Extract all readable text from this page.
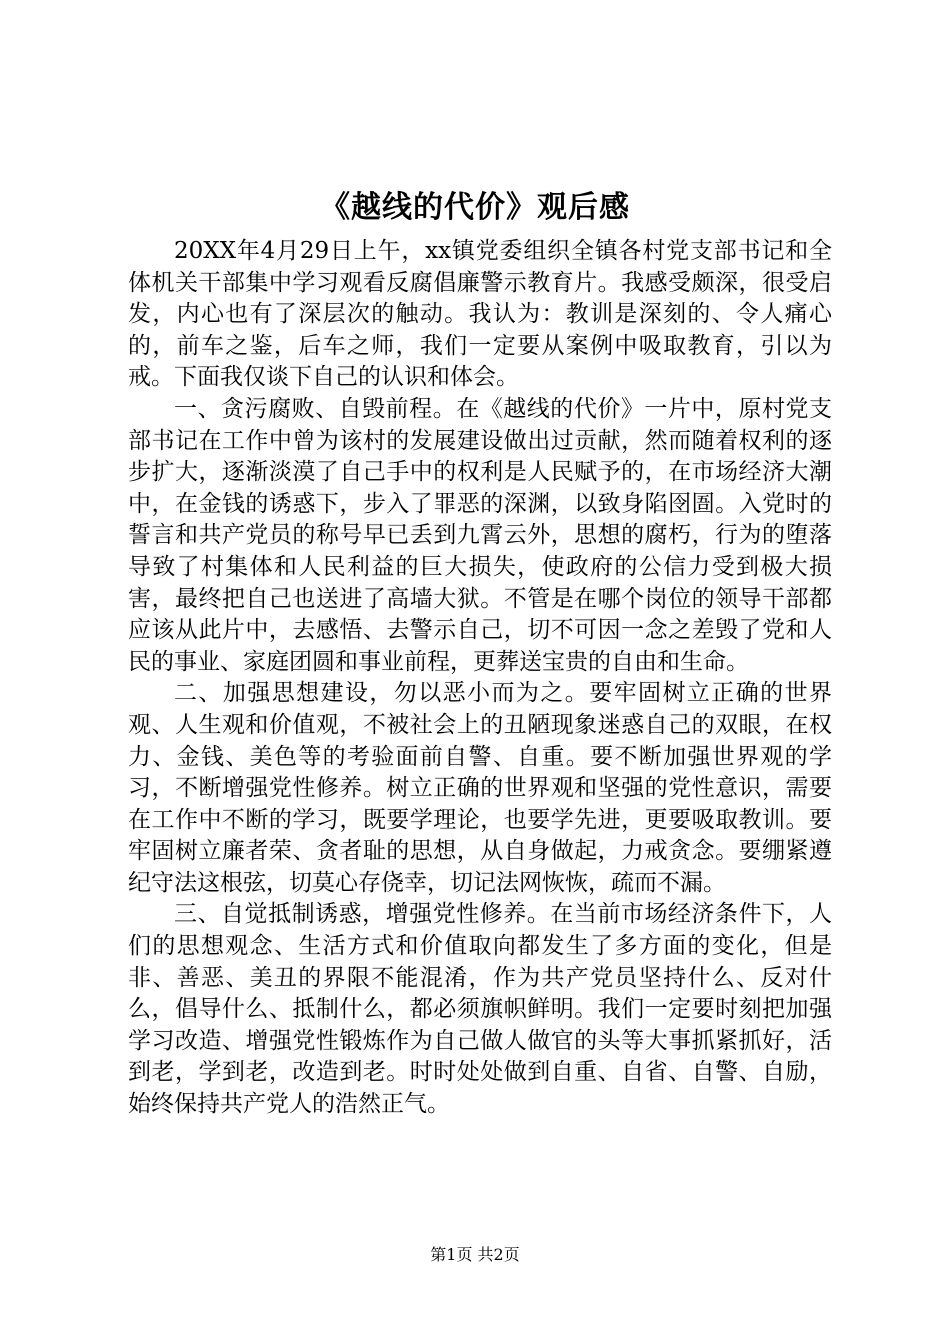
《越线的代价》观后感

20XX年4月29日上午，xx镇党委组织全镇各村党支部书记和全体机关干部集中学习观看反腐倡廉警示教育片。我感受颇深，很受启发，内心也有了深层次的触动。我认为：教训是深刻的、令人痛心的，前车之鉴，后车之师，我们一定要从案例中吸取教育，引以为戒。下面我仅谈下自己的认识和体会。

一、贪污腐败、自毁前程。在《越线的代价》一片中，原村党支部书记在工作中曾为该村的发展建设做出过贡献，然而随着权利的逐步扩大，逐渐淡漠了自己手中的权利是人民赋予的，在市场经济大潮中，在金钱的诱惑下，步入了罪恶的深渊，以致身陷囹圄。入党时的誓言和共产党员的称号早已丢到九霄云外，思想的腐朽，行为的堕落导致了村集体和人民利益的巨大损失，使政府的公信力受到极大损害，最终把自己也送进了高墙大狱。不管是在哪个岗位的领导干部都应该从此片中，去感悟、去警示自己，切不可因一念之差毁了党和人民的事业、家庭团圆和事业前程，更葬送宝贵的自由和生命。

二、加强思想建设，勿以恶小而为之。要牢固树立正确的世界观、人生观和价值观，不被社会上的丑陋现象迷惑自己的双眼，在权力、金钱、美色等的考验面前自警、自重。要不断加强世界观的学习，不断增强党性修养。树立正确的世界观和坚强的党性意识，需要在工作中不断的学习，既要学理论，也要学先进，更要吸取教训。要牢固树立廉者荣、贪者耻的思想，从自身做起，力戒贪念。要绷紧遵纪守法这根弦，切莫心存侥幸，切记法网恢恢，疏而不漏。

三、自觉抵制诱惑，增强党性修养。在当前市场经济条件下，人们的思想观念、生活方式和价值取向都发生了多方面的变化，但是非、善恶、美丑的界限不能混淆，作为共产党员坚持什么、反对什么，倡导什么、抵制什么，都必须旗帜鲜明。我们一定要时刻把加强学习改造、增强党性锻炼作为自己做人做官的头等大事抓紧抓好，活到老，学到老，改造到老。时时处处做到自重、自省、自警、自励，始终保持共产党人的浩然正气。

第1页 共2页
